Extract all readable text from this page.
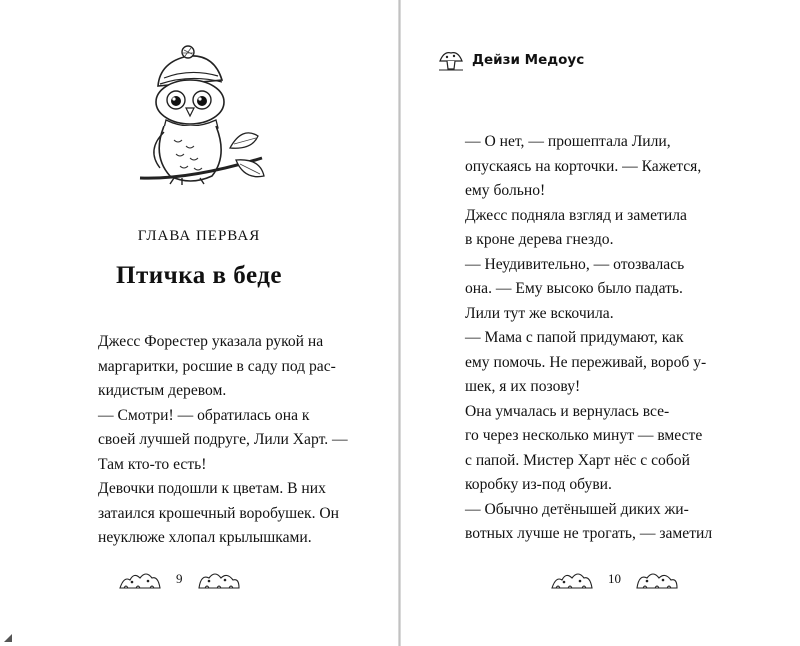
ГЛАВА ПЕРВАЯ
Птичка в беде
Джесс Форестер указала рукой на
маргаритки, росшие в саду под рас-
кидистым деревом.
— Смотри! — обратилась она к
своей лучшей подруге, Лили Харт. —
Там кто-то есть!
Девочки подошли к цветам. В них
затаился крошечный воробушек. Он
неуклюже хлопал крылышками.
9
Дейзи Медоус
— О нет, — прошептала Лили,
опускаясь на корточки. — Кажется,
ему больно!
Джесс подняла взгляд и заметила
в кроне дерева гнездо.
— Неудивительно, — отозвалась
она. — Ему высоко было падать.
Лили тут же вскочила.
— Мама с папой придумают, как
ему помочь. Не переживай, вороб у-
шек, я их позову!
Она умчалась и вернулась все-
го через несколько минут — вместе
с папой. Мистер Харт нёс с собой
коробку из-под обуви.
— Обычно детёнышей диких жи-
вотных лучше не трогать, — заметил
10
